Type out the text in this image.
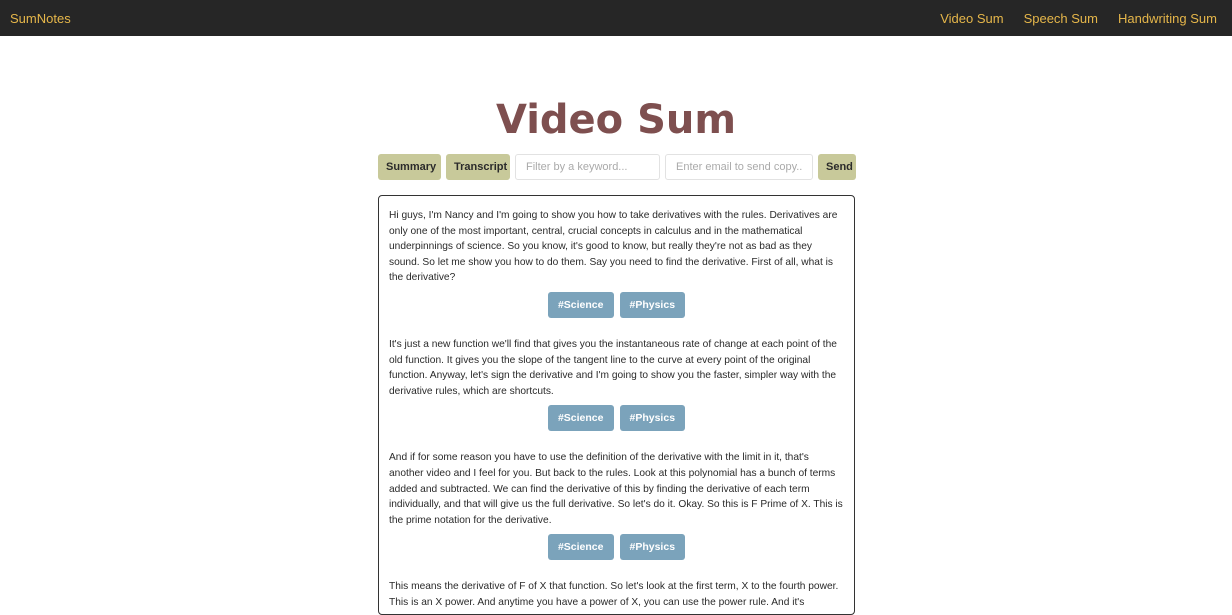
SumNotes	Video Sum Speech Sum Handwriting Sum
Video Sum
Summary	Transcript
Filter by a keyword...
Enter email to send copy...	Send

Hi guys, I'm Nancy and I'm going to show you how to take derivatives with the rules. Derivatives are only one of the most important, central, crucial concepts in calculus and in the mathematical underpinnings of science. So you know, it's good to know, but really they're not as bad as they sound. So let me show you how to do them. Say you need to find the derivative. First of all, what is the derivative?

#Science	#Physics

It's just a new function we'll find that gives you the instantaneous rate of change at each point of the old function. It gives you the slope of the tangent line to the curve at every point of the original function. Anyway, let's sign the derivative and I'm going to show you the faster, simpler way with the derivative rules, which are shortcuts.

#Science	#Physics

And if for some reason you have to use the definition of the derivative with the limit in it, that's another video and I feel for you. But back to the rules. Look at this polynomial has a bunch of terms added and subtracted. We can find the derivative of this by finding the derivative of each term individually, and that will give us the full derivative. So let's do it. Okay. So this is F Prime of X. This is the prime notation for the derivative.

#Science	#Physics

This means the derivative of F of X that function. So let's look at the first term, X to the fourth power. This is an X power. And anytime you have a power of X, you can use the power rule. And it's
